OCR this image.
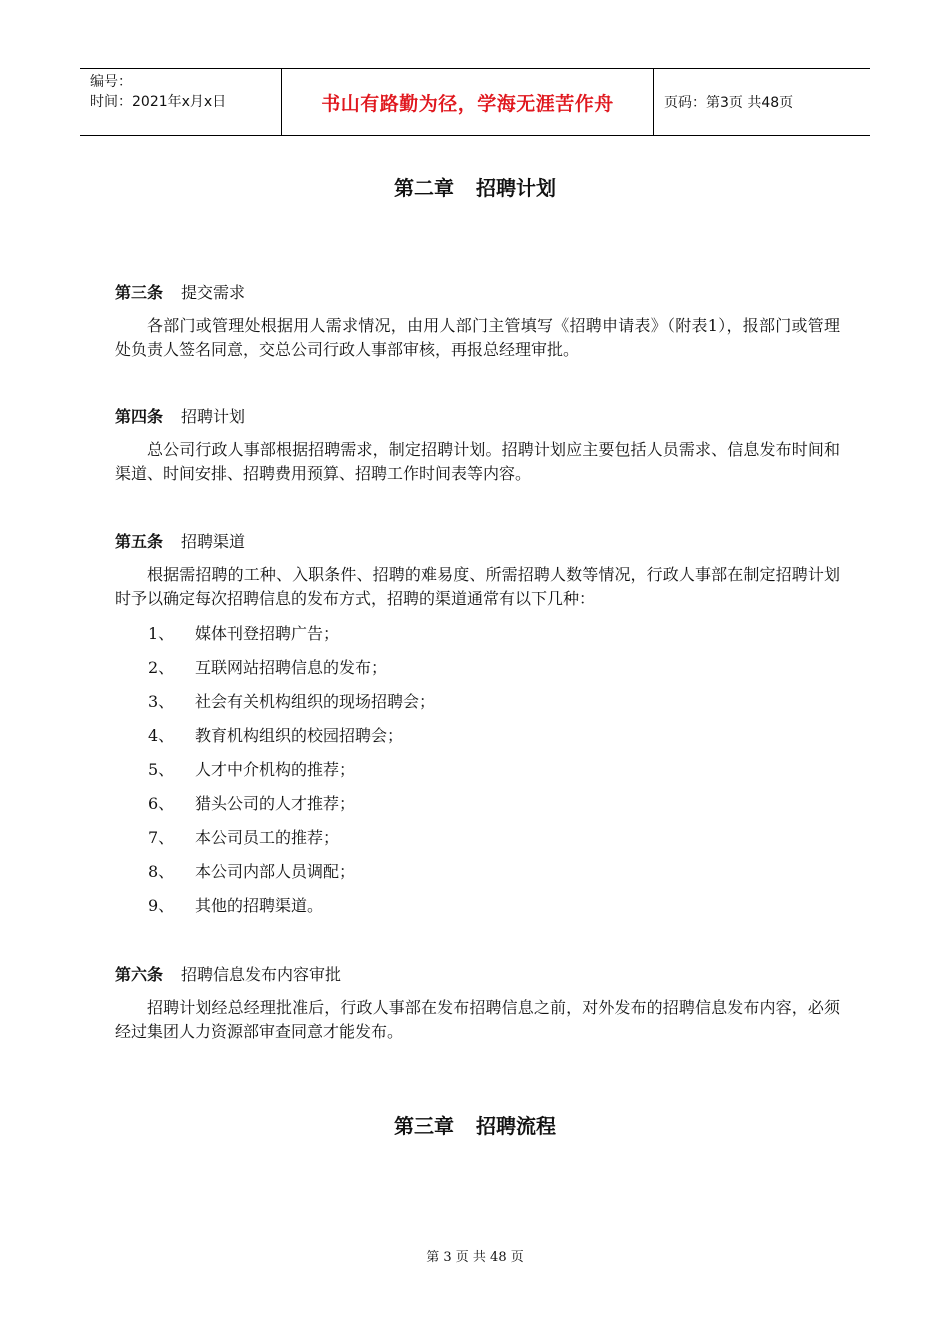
编号：
时间：2021年x月x日	书山有路勤为径，学海无涯苦作舟	页码：第3页 共48页
第二章 招聘计划

第三条 提交需求

各部门或管理处根据用人需求情况，由用人部门主管填写《招聘申请表》（附表1），报部门或管理处负责人签名同意，交总公司行政人事部审核，再报总经理审批。

第四条 招聘计划

总公司行政人事部根据招聘需求，制定招聘计划。招聘计划应主要包括人员需求、信息发布时间和渠道、时间安排、招聘费用预算、招聘工作时间表等内容。

第五条 招聘渠道

根据需招聘的工种、入职条件、招聘的难易度、所需招聘人数等情况，行政人事部在制定招聘计划时予以确定每次招聘信息的发布方式，招聘的渠道通常有以下几种：

1、	媒体刊登招聘广告；
2、	互联网站招聘信息的发布；
3、	社会有关机构组织的现场招聘会；
4、	教育机构组织的校园招聘会；
5、	人才中介机构的推荐；
6、	猎头公司的人才推荐；
7、	本公司员工的推荐；
8、	本公司内部人员调配；
9、	其他的招聘渠道。

第六条 招聘信息发布内容审批

招聘计划经总经理批准后，行政人事部在发布招聘信息之前，对外发布的招聘信息发布内容，必须经过集团人力资源部审查同意才能发布。

第三章 招聘流程
第 3 页 共 48 页
